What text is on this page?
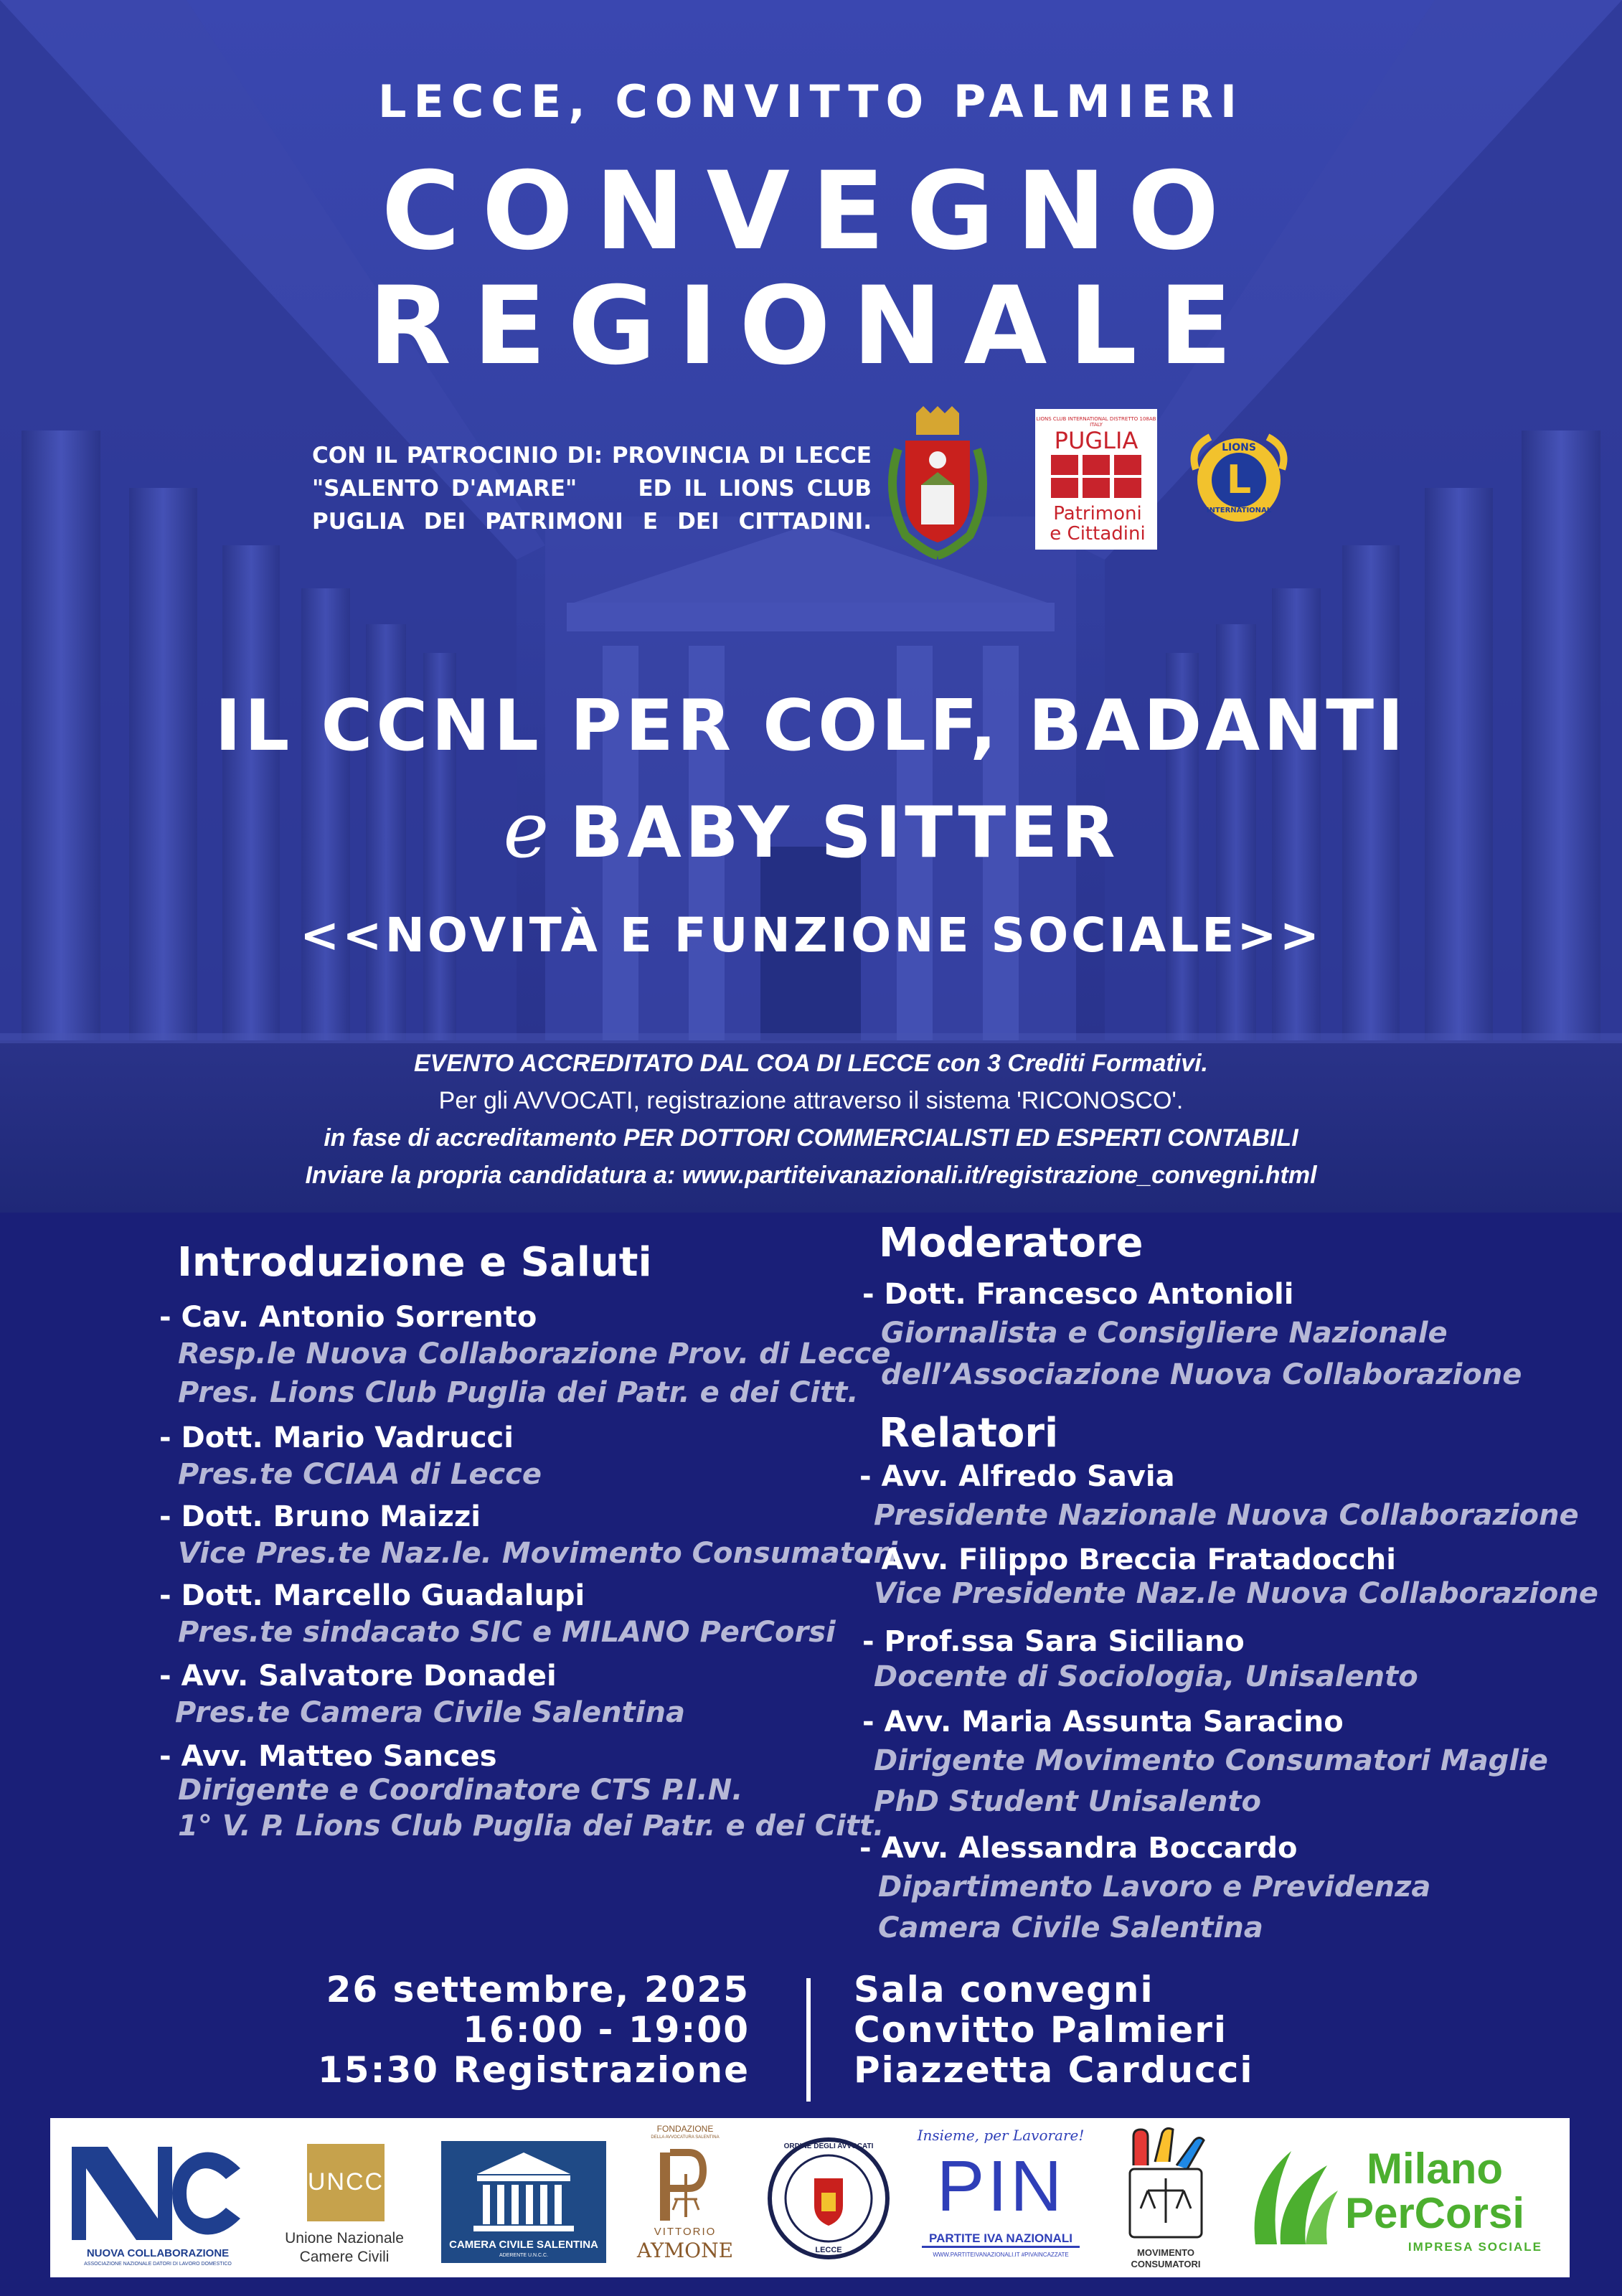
LECCE, CONVITTO PALMIERI
CONVEGNO
REGIONALE
CON IL PATROCINIO DI: PROVINCIA DI LECCE
"SALENTO D'AMARE"     ED IL LIONS CLUB
PUGLIA DEI PATRIMONI E DEI CITTADINI.
LIONS CLUB INTERNATIONAL DISTRETTO 108AB ITALY
PUGLIA
Patrimoni
e Cittadini
LIONS
L
INTERNATIONAL
IL CCNL PER COLF, BADANTI
e BABY SITTER
<<NOVITÀ E FUNZIONE SOCIALE>>
EVENTO ACCREDITATO DAL COA DI LECCE con 3 Crediti Formativi.
Per gli AVVOCATI, registrazione attraverso il sistema 'RICONOSCO'.
in fase di accreditamento PER DOTTORI COMMERCIALISTI ED ESPERTI CONTABILI
Inviare la propria candidatura a: www.partiteivanazionali.it/registrazione_convegni.html
Introduzione e Saluti
- Cav. Antonio Sorrento
Resp.le Nuova Collaborazione Prov. di Lecce
Pres. Lions Club Puglia dei Patr. e dei Citt.
- Dott. Mario Vadrucci
Pres.te CCIAA di Lecce
- Dott. Bruno Maizzi
Vice Pres.te Naz.le. Movimento Consumatori
- Dott. Marcello Guadalupi
Pres.te sindacato SIC e MILANO PerCorsi
- Avv. Salvatore Donadei
Pres.te Camera Civile Salentina
- Avv. Matteo Sances
Dirigente e Coordinatore CTS P.I.N.
1° V. P. Lions Club Puglia dei Patr. e dei Citt.
Moderatore
- Dott. Francesco Antonioli
Giornalista e Consigliere Nazionale
dell’Associazione Nuova Collaborazione
Relatori
- Avv. Alfredo Savia
Presidente Nazionale Nuova Collaborazione
- Avv. Filippo Breccia Fratadocchi
Vice Presidente Naz.le Nuova Collaborazione
- Prof.ssa Sara Siciliano
Docente di Sociologia, Unisalento
- Avv. Maria Assunta Saracino
Dirigente Movimento Consumatori Maglie
PhD Student Unisalento
- Avv. Alessandra Boccardo
Dipartimento Lavoro e Previdenza
Camera Civile Salentina
26 settembre, 2025
16:00 - 19:00
15:30 Registrazione
Sala convegni
Convitto Palmieri
Piazzetta Carducci
NUOVA COLLABORAZIONE
ASSOCIAZIONE NAZIONALE DATORI DI LAVORO DOMESTICO
UNCC
Unione Nazionale
Camere Civili
CAMERA CIVILE SALENTINA
ADERENTE U.N.C.C.
FONDAZIONE
DELLA AVVOCATURA SALENTINA
VITTORIO
AYMONE
ORDINE DEGLI AVVOCATI
LECCE
Insieme, per Lavorare!
PIN
PARTITE IVA NAZIONALI
WWW.PARTITEIVANAZIONALI.IT #PIVAINCAZZATE	MOVIMENTO
CONSUMATORI
Milano
PerCorsi
IMPRESA SOCIALE
